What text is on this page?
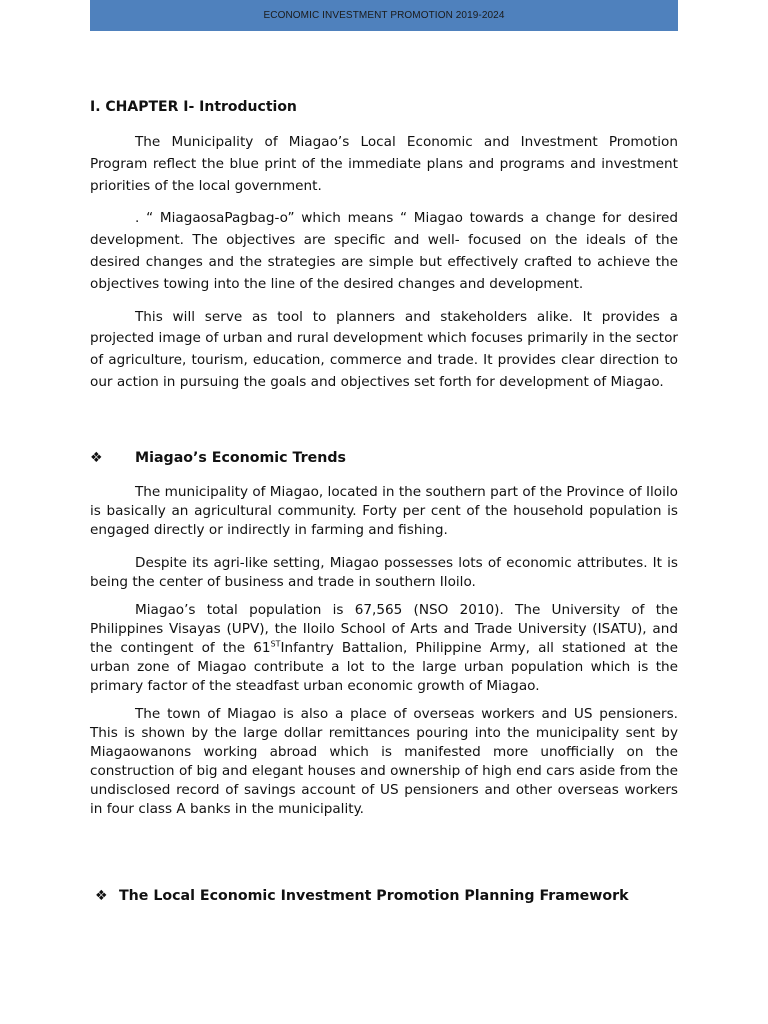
ECONOMIC INVESTMENT PROMOTION 2019-2024
I. CHAPTER I- Introduction

The Municipality of Miagao’s Local Economic and Investment Promotion Program reflect the blue print of the immediate plans and programs and investment priorities of the local government.

. “ MiagaosaPagbag-o” which means “ Miagao towards a change for desired development. The objectives are specific and well- focused on the ideals of the desired changes and the strategies are simple but effectively crafted to achieve the objectives towing into the line of the desired changes and development.

This will serve as tool to planners and stakeholders alike. It provides a projected image of urban and rural development which focuses primarily in the sector of agriculture, tourism, education, commerce and trade. It provides clear direction to our action in pursuing the goals and objectives set forth for development of Miagao.

❖	Miagao’s Economic Trends

The municipality of Miagao, located in the southern part of the Province of Iloilo is basically an agricultural community. Forty per cent of the household population is engaged directly or indirectly in farming and fishing.

Despite its agri-like setting, Miagao possesses lots of economic attributes. It is being the center of business and trade in southern Iloilo.

Miagao’s total population is 67,565 (NSO 2010). The University of the Philippines Visayas (UPV), the Iloilo School of Arts and Trade University (ISATU), and the contingent of the 61STInfantry Battalion, Philippine Army, all stationed at the urban zone of Miagao contribute a lot to the large urban population which is the primary factor of the steadfast urban economic growth of Miagao.

The town of Miagao is also a place of overseas workers and US pensioners. This is shown by the large dollar remittances pouring into the municipality sent by Miagaowanons working abroad which is manifested more unofficially on the construction of big and elegant houses and ownership of high end cars aside from the undisclosed record of savings account of US pensioners and other overseas workers in four class A banks in the municipality.

❖ The Local Economic Investment Promotion Planning Framework
